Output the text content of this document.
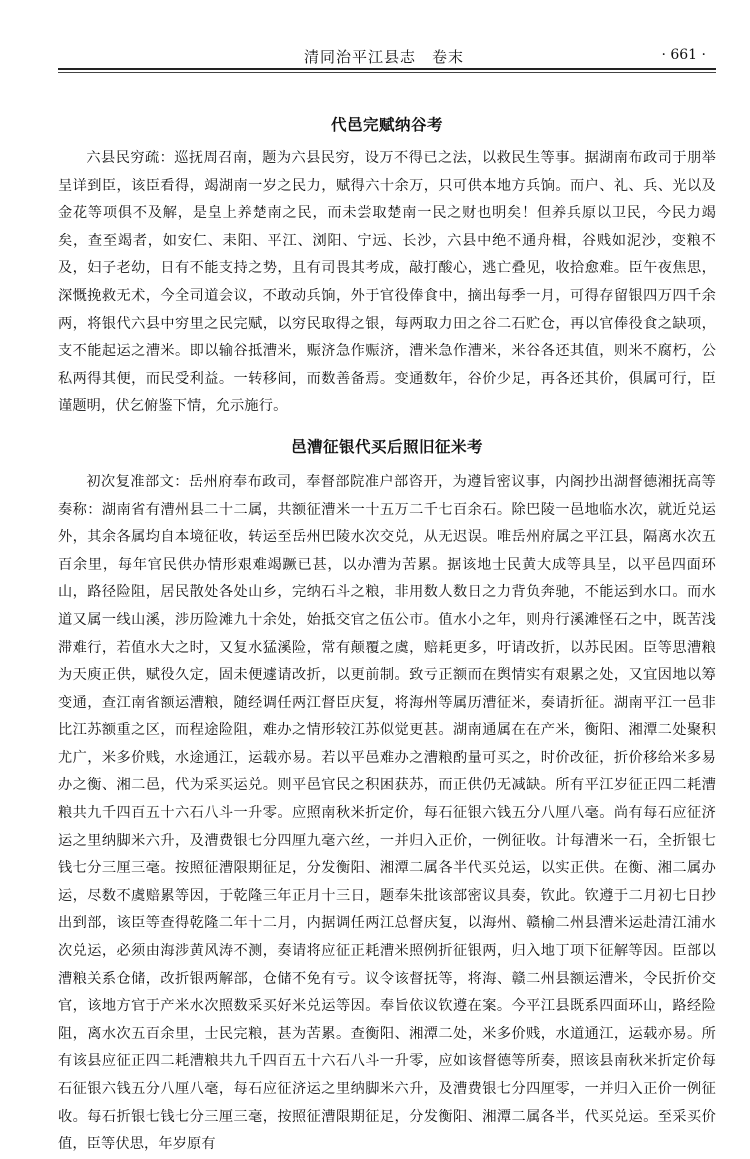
清同治平江县志　卷末	· 661 ·
代邑完赋纳谷考

六县民穷疏：巡抚周召南，题为六县民穷，设万不得已之法，以救民生等事。据湖南布政司于朋举呈详到臣，该臣看得，竭湖南一岁之民力，赋得六十余万，只可供本地方兵饷。而户、礼、兵、光以及金花等项俱不及解，是皇上养楚南之民，而未尝取楚南一民之财也明矣！但养兵原以卫民，今民力竭矣，查至竭者，如安仁、耒阳、平江、浏阳、宁远、长沙，六县中绝不通舟楫，谷贱如泥沙，变粮不及，妇子老幼，日有不能支持之势，且有司畏其考成，敲打酸心，逃亡叠见，收拾愈难。臣午夜焦思，深慨挽救无术，今全司道会议，不敢动兵饷，外于官役俸食中，摘出每季一月，可得存留银四万四千余两，将银代六县中穷里之民完赋，以穷民取得之银，每两取力田之谷二石贮仓，再以官俸役食之缺项，支不能起运之漕米。即以输谷抵漕米，赈济急作赈济，漕米急作漕米，米谷各还其值，则米不腐朽，公私两得其便，而民受利益。一转移间，而数善备焉。变通数年，谷价少足，再各还其价，俱属可行，臣谨题明，伏乞俯鉴下情，允示施行。

邑漕征银代买后照旧征米考

初次复准部文：岳州府奉布政司，奉督部院准户部咨开，为遵旨密议事，内阁抄出湖督德湘抚高等奏称：湖南省有漕州县二十二属，共额征漕米一十五万二千七百余石。除巴陵一邑地临水次，就近兑运外，其余各属均自本境征收，转运至岳州巴陵水次交兑，从无迟误。唯岳州府属之平江县，隔离水次五百余里，每年官民供办情形艰难竭蹶已甚，以办漕为苦累。据该地士民黄大成等具呈，以平邑四面环山，路径险阻，居民散处各处山乡，完纳石斗之粮，非用数人数日之力背负奔驰，不能运到水口。而水道又属一线山溪，涉历险滩九十余处，始抵交官之伍公市。值水小之年，则舟行溪滩怪石之中，既苦浅滞难行，若值水大之时，又复水猛溪险，常有颠覆之虞，赔耗更多，吁请改折，以苏民困。臣等思漕粮为天庾正供，赋役久定，固未便遽请改折，以更前制。致亏正额而在舆情实有艰累之处，又宜因地以筹变通，查江南省额运漕粮，随经调任两江督臣庆复，将海州等属历漕征米，奏请折征。湖南平江一邑非比江苏额重之区，而程途险阻，难办之情形较江苏似觉更甚。湖南通属在在产米，衡阳、湘潭二处聚积尤广，米多价贱，水途通江，运载亦易。若以平邑难办之漕粮酌量可买之，时价改征，折价移给米多易办之衡、湘二邑，代为采买运兑。则平邑官民之积困获苏，而正供仍无减缺。所有平江岁征正四二耗漕粮共九千四百五十六石八斗一升零。应照南秋米折定价，每石征银六钱五分八厘八毫。尚有每石应征济运之里纳脚米六升，及漕费银七分四厘九毫六丝，一并归入正价，一例征收。计每漕米一石，全折银七钱七分三厘三毫。按照征漕限期征足，分发衡阳、湘潭二属各半代买兑运，以实正供。在衡、湘二属办运，尽数不虞赔累等因，于乾隆三年正月十三日，题奉朱批该部密议具奏，钦此。钦遵于二月初七日抄出到部，该臣等查得乾隆二年十二月，内据调任两江总督庆复，以海州、赣榆二州县漕米运赴清江浦水次兑运，必须由海涉黄风涛不测，奏请将应征正耗漕米照例折征银两，归入地丁项下征解等因。臣部以漕粮关系仓储，改折银两解部，仓储不免有亏。议令该督抚等，将海、赣二州县额运漕米，令民折价交官，该地方官于产米水次照数采买好米兑运等因。奉旨依议钦遵在案。今平江县既系四面环山，路经险阻，离水次五百余里，士民完粮，甚为苦累。查衡阳、湘潭二处，米多价贱，水道通江，运载亦易。所有该县应征正四二耗漕粮共九千四百五十六石八斗一升零，应如该督德等所奏，照该县南秋米折定价每石征银六钱五分八厘八毫，每石应征济运之里纳脚米六升，及漕费银七分四厘零，一并归入正价一例征收。每石折银七钱七分三厘三毫，按照征漕限期征足，分发衡阳、湘潭二属各半，代买兑运。至采买价值，臣等伏思，年岁原有
